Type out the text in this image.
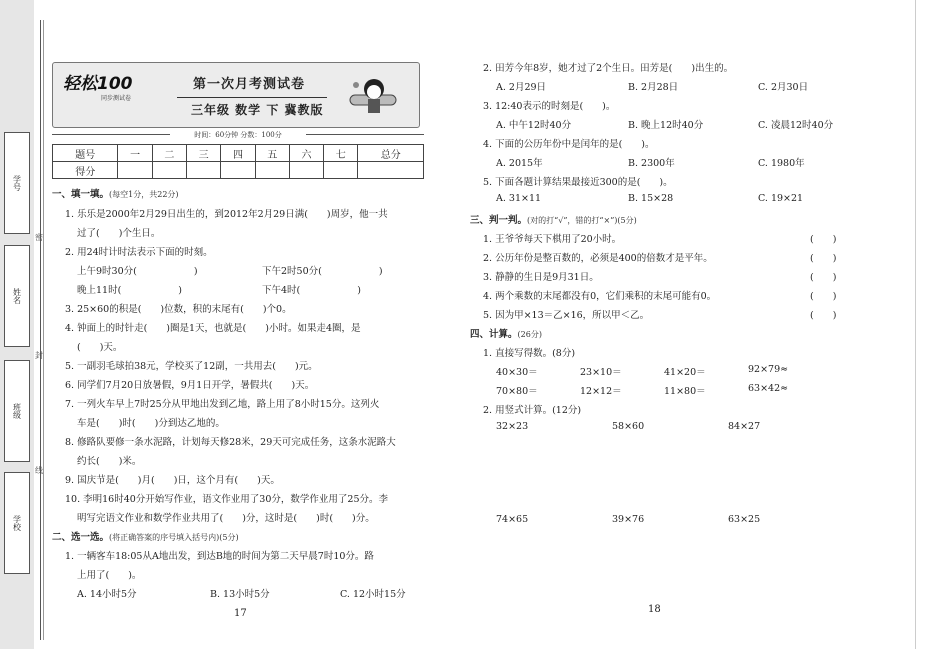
学号
姓名
班级
学校
密
封
线
轻松100
同步测试卷
第一次月考测试卷
三年级 数学 下 冀教版
时间：60分钟 分数：100分
题号	一	二	三	四	五	六	七	总分
得分								
一、填一填。(每空1分，共22分)
1. 乐乐是2000年2月29日出生的，到2012年2月29日满(　　)周岁，他一共
过了(　　)个生日。
2. 用24时计时法表示下面的时刻。
上午9时30分(　　　　　　)	下午2时50分(　　　　　　)
晚上11时(　　　　　　)	下午4时(　　　　　　)
3. 25×60的积是(　　)位数，积的末尾有(　　)个0。
4. 钟面上的时针走(　　)圈是1天，也就是(　　)小时。如果走4圈，是
(　　)天。
5. 一副羽毛球拍38元，学校买了12副，一共用去(　　)元。
6. 同学们7月20日放暑假，9月1日开学，暑假共(　　)天。
7. 一列火车早上7时25分从甲地出发到乙地，路上用了8小时15分。这列火
车是(　　)时(　　)分到达乙地的。
8. 修路队要修一条水泥路，计划每天修28米，29天可完成任务，这条水泥路大
约长(　　)米。
9. 国庆节是(　　)月(　　)日，这个月有(　　)天。
10. 李明16时40分开始写作业，语文作业用了30分，数学作业用了25分。李
明写完语文作业和数学作业共用了(　　)分，这时是(　　)时(　　)分。
二、选一选。(将正确答案的序号填入括号内)(5分)
1. 一辆客车18:05从A地出发，到达B地的时间为第二天早晨7时10分。路
上用了(　　)。
A. 14小时5分	B. 13小时5分	C. 12小时15分
17
2. 田芳今年8岁，她才过了2个生日。田芳是(　　)出生的。
A. 2月29日	B. 2月28日	C. 2月30日
3. 12:40表示的时刻是(　　)。
A. 中午12时40分	B. 晚上12时40分	C. 凌晨12时40分
4. 下面的公历年份中是闰年的是(　　)。
A. 2015年	B. 2300年	C. 1980年
5. 下面各题计算结果最接近300的是(　　)。
A. 31×11	B. 15×28	C. 19×21
三、判一判。(对的打“√”，错的打“×”)(5分)
1. 王爷爷每天下棋用了20小时。	(　　)
2. 公历年份是整百数的，必须是400的倍数才是平年。	(　　)
3. 静静的生日是9月31日。	(　　)
4. 两个乘数的末尾都没有0，它们乘积的末尾可能有0。	(　　)
5. 因为甲×13＝乙×16，所以甲＜乙。	(　　)
四、计算。(26分)
1. 直接写得数。(8分)
40×30＝	23×10＝	41×20＝	92×79≈
70×80＝	12×12＝	11×80＝	63×42≈
2. 用竖式计算。(12分)
32×23	58×60	84×27
74×65	39×76	63×25
18
